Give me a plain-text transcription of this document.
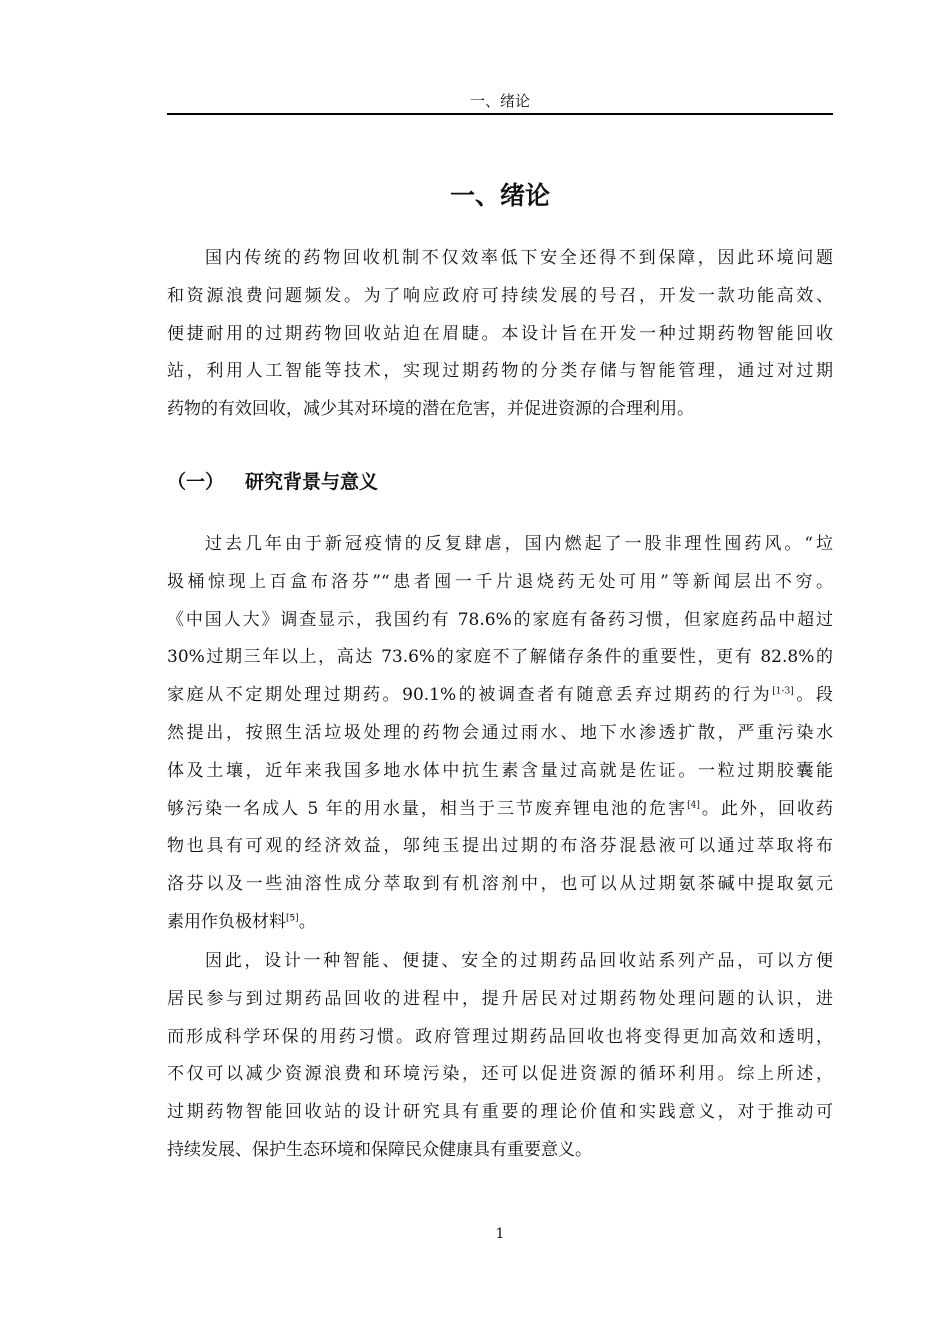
一、绪论
一、绪论
国内传统的药物回收机制不仅效率低下安全还得不到保障，因此环境问题
和资源浪费问题频发。为了响应政府可持续发展的号召，开发一款功能高效、
便捷耐用的过期药物回收站迫在眉睫。本设计旨在开发一种过期药物智能回收
站，利用人工智能等技术，实现过期药物的分类存储与智能管理，通过对过期
药物的有效回收，减少其对环境的潜在危害，并促进资源的合理利用。
（一） 研究背景与意义
过去几年由于新冠疫情的反复肆虐，国内燃起了一股非理性囤药风。“垃
圾桶惊现上百盒布洛芬”“患者囤一千片退烧药无处可用”等新闻层出不穷。
《中国人大》调查显示，我国约有 78.6%的家庭有备药习惯，但家庭药品中超过
30%过期三年以上，高达 73.6%的家庭不了解储存条件的重要性，更有 82.8%的
家庭从不定期处理过期药。90.1%的被调查者有随意丢弃过期药的行为[1-3]。段
然提出，按照生活垃圾处理的药物会通过雨水、地下水渗透扩散，严重污染水
体及土壤，近年来我国多地水体中抗生素含量过高就是佐证。一粒过期胶囊能
够污染一名成人 5 年的用水量，相当于三节废弃锂电池的危害[4]。此外，回收药
物也具有可观的经济效益，邬纯玉提出过期的布洛芬混悬液可以通过萃取将布
洛芬以及一些油溶性成分萃取到有机溶剂中，也可以从过期氨茶碱中提取氨元
素用作负极材料[5]。
因此，设计一种智能、便捷、安全的过期药品回收站系列产品，可以方便
居民参与到过期药品回收的进程中，提升居民对过期药物处理问题的认识，进
而形成科学环保的用药习惯。政府管理过期药品回收也将变得更加高效和透明，
不仅可以减少资源浪费和环境污染，还可以促进资源的循环利用。综上所述，
过期药物智能回收站的设计研究具有重要的理论价值和实践意义，对于推动可
持续发展、保护生态环境和保障民众健康具有重要意义。
1
